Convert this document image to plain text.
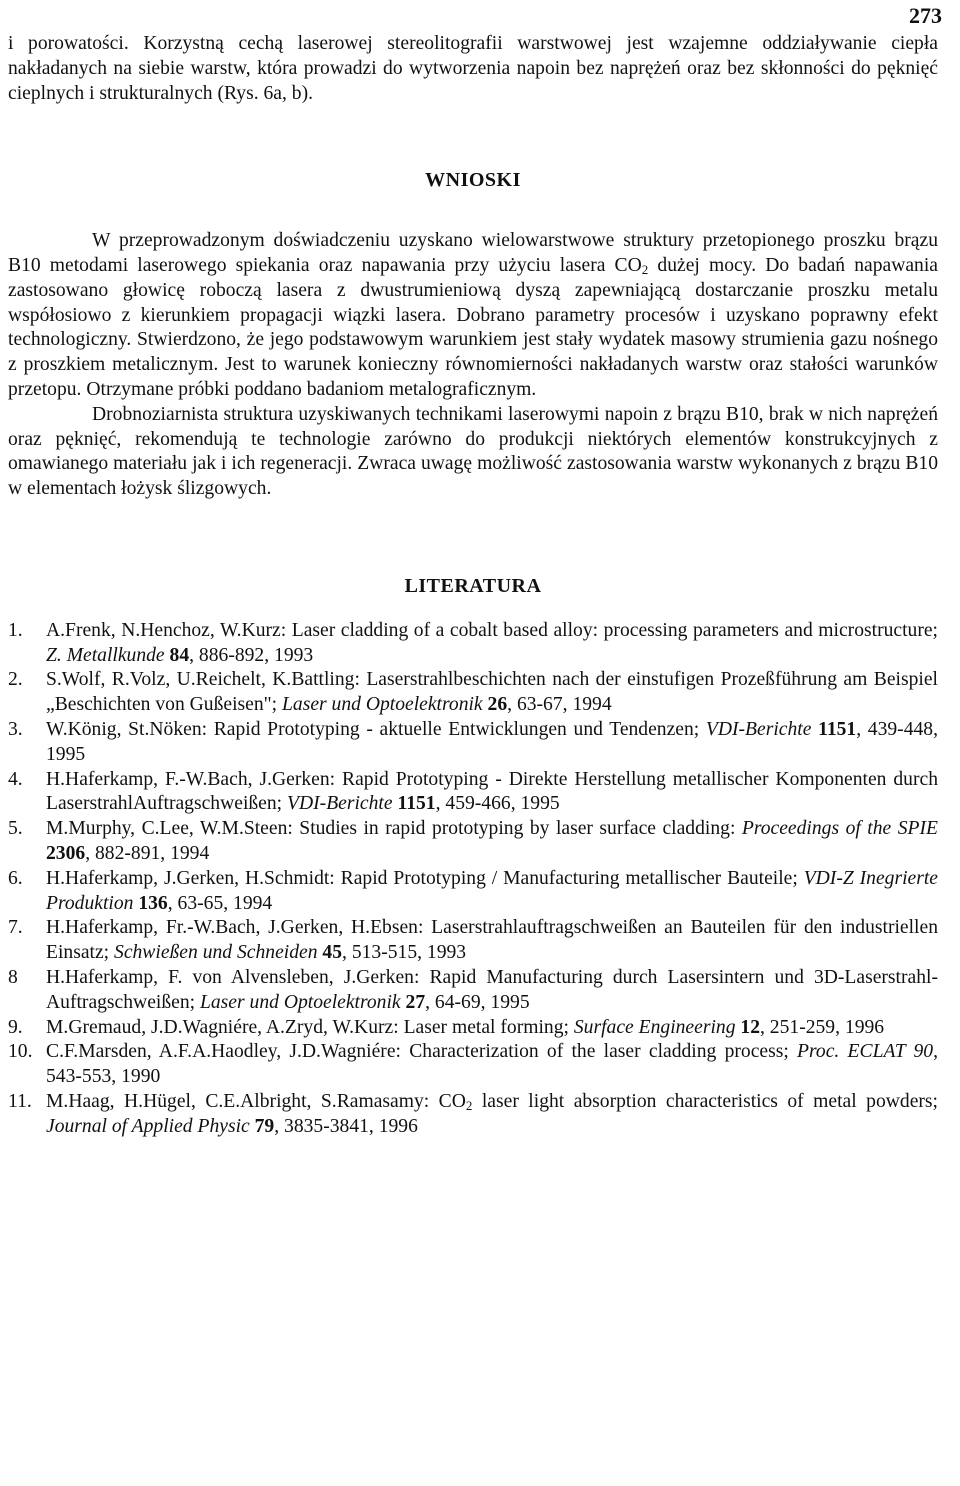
273

i porowatości. Korzystną cechą laserowej stereolitografii warstwowej jest wzajemne oddziaływanie ciepła nakładanych na siebie warstw, która prowadzi do wytworzenia napoin bez naprężeń oraz bez skłonności do pęknięć cieplnych i strukturalnych (Rys. 6a, b).

WNIOSKI

W przeprowadzonym doświadczeniu uzyskano wielowarstwowe struktury przetopionego proszku brązu B10 metodami laserowego spiekania oraz napawania przy użyciu lasera $CO_2$ dużej mocy. Do badań napawania zastosowano głowicę roboczą lasera z dwustrumieniową dyszą zapewniającą dostarczanie proszku metalu współosiowo z kierunkiem propagacji wiązki lasera. Dobrano parametry procesów i uzyskano poprawny efekt technologiczny. Stwierdzono, że jego podstawowym warunkiem jest stały wydatek masowy strumienia gazu nośnego z proszkiem metalicznym. Jest to warunek konieczny równomierności nakładanych warstw oraz stałości warunków przetopu. Otrzymane próbki poddano badaniom metalograficznym.

Drobnoziarnista struktura uzyskiwanych technikami laserowymi napoin z brązu B10, brak w nich naprężeń oraz pęknięć, rekomendują te technologie zarówno do produkcji niektórych elementów konstrukcyjnych z omawianego materiału jak i ich regeneracji. Zwraca uwagę możliwość zastosowania warstw wykonanych z brązu B10 w elementach łożysk ślizgowych.

LITERATURA
1. A.Frenk, N.Henchoz, W.Kurz: Laser cladding of a cobalt based alloy: processing parameters and microstructure; Z. Metallkunde 84, 886-892, 1993
2. S.Wolf, R.Volz, U.Reichelt, K.Battling: Laserstrahlbeschichten nach der einstufigen Prozeßführung am Beispiel „Beschichten von Gußeisen"; Laser und Optoelektronik 26, 63-67, 1994
3. W.König, St.Nöken: Rapid Prototyping - aktuelle Entwicklungen und Tendenzen; VDI-Berichte 1151, 439-448, 1995
4. H.Haferkamp, F.-W.Bach, J.Gerken: Rapid Prototyping - Direkte Herstellung metallischer Komponenten durch LaserstrahlAuftragschweißen; VDI-Berichte 1151, 459-466, 1995
5. M.Murphy, C.Lee, W.M.Steen: Studies in rapid prototyping by laser surface cladding: Proceedings of the SPIE 2306, 882-891, 1994
6. H.Haferkamp, J.Gerken, H.Schmidt: Rapid Prototyping / Manufacturing metallischer Bauteile; VDI-Z Inegrierte Produktion 136, 63-65, 1994
7. H.Haferkamp, Fr.-W.Bach, J.Gerken, H.Ebsen: Laserstrahlauftragschweißen an Bauteilen für den industriellen Einsatz; Schwießen und Schneiden 45, 513-515, 1993
8 H.Haferkamp, F. von Alvensleben, J.Gerken: Rapid Manufacturing durch Lasersintern und 3D-Laserstrahl-Auftragschweißen; Laser und Optoelektronik 27, 64-69, 1995
9. M.Gremaud, J.D.Wagniére, A.Zryd, W.Kurz: Laser metal forming; Surface Engineering 12, 251-259, 1996
10. C.F.Marsden, A.F.A.Haodley, J.D.Wagniére: Characterization of the laser cladding process; Proc. ECLAT 90, 543-553, 1990
11. M.Haag, H.Hügel, C.E.Albright, S.Ramasamy: $CO_2$ laser light absorption characteristics of metal powders; Journal of Applied Physic 79, 3835-3841, 1996
